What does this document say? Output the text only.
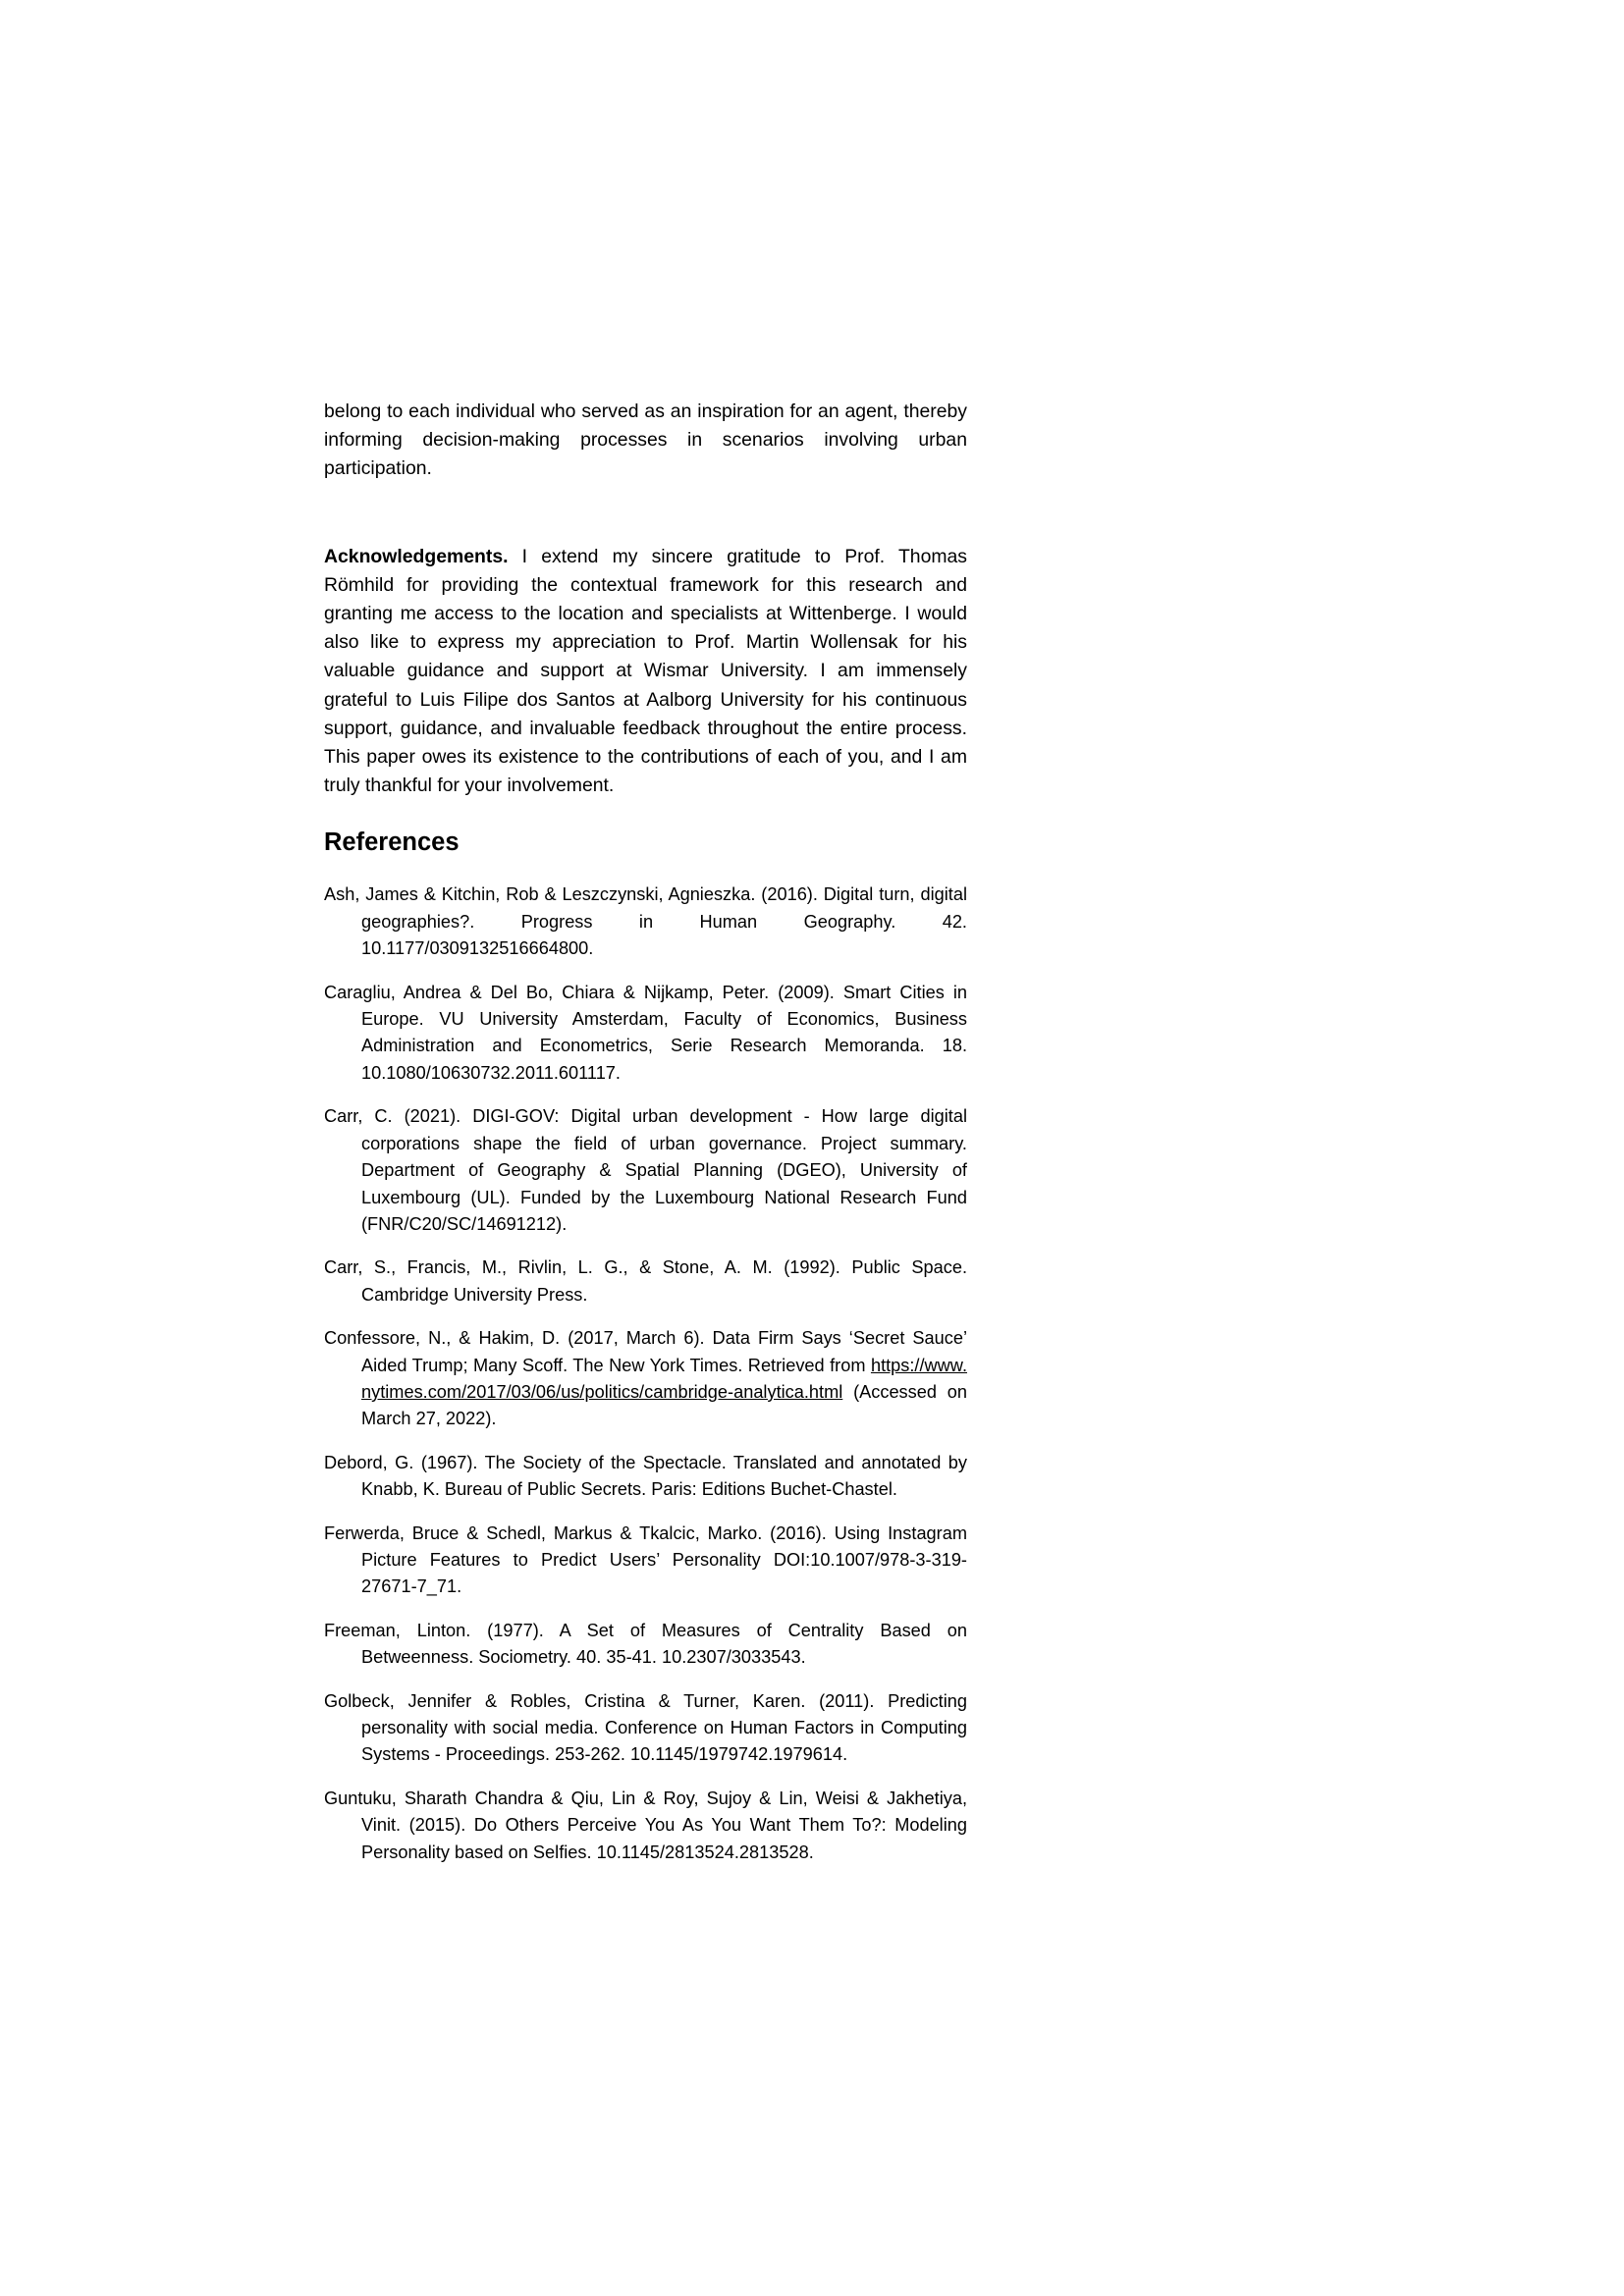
belong to each individual who served as an inspiration for an agent, thereby informing decision-making processes in scenarios involving urban participation.

Acknowledgements. I extend my sincere gratitude to Prof. Thomas Römhild for providing the contextual framework for this research and granting me access to the location and specialists at Wittenberge. I would also like to express my appreciation to Prof. Martin Wollensak for his valuable guidance and support at Wismar University. I am immensely grateful to Luis Filipe dos Santos at Aalborg University for his continuous support, guidance, and invaluable feedback throughout the entire process. This paper owes its existence to the contributions of each of you, and I am truly thankful for your involvement.

References
Ash, James & Kitchin, Rob & Leszczynski, Agnieszka. (2016). Digital turn, digital geographies?. Progress in Human Geography. 42. 10.1177/0309132516664800.
Caragliu, Andrea & Del Bo, Chiara & Nijkamp, Peter. (2009). Smart Cities in Europe. VU University Amsterdam, Faculty of Economics, Business Administration and Econometrics, Serie Research Memoranda. 18. 10.1080/10630732.2011.601117.
Carr, C. (2021). DIGI-GOV: Digital urban development - How large digital corporations shape the field of urban governance. Project summary. Department of Geography & Spatial Planning (DGEO), University of Luxembourg (UL). Funded by the Luxembourg National Research Fund (FNR/C20/SC/14691212).
Carr, S., Francis, M., Rivlin, L. G., & Stone, A. M. (1992). Public Space. Cambridge University Press.
Confessore, N., & Hakim, D. (2017, March 6). Data Firm Says ‘Secret Sauce’ Aided Trump; Many Scoff. The New York Times. Retrieved from https://www.nytimes.com/2017/03/06/us/politics/cambridge-analytica.html (Accessed on March 27, 2022).
Debord, G. (1967). The Society of the Spectacle. Translated and annotated by Knabb, K. Bureau of Public Secrets. Paris: Editions Buchet-Chastel.
Ferwerda, Bruce & Schedl, Markus & Tkalcic, Marko. (2016). Using Instagram Picture Features to Predict Users’ Personality DOI:10.1007/978-3-319-27671-7_71.
Freeman, Linton. (1977). A Set of Measures of Centrality Based on Betweenness. Sociometry. 40. 35-41. 10.2307/3033543.
Golbeck, Jennifer & Robles, Cristina & Turner, Karen. (2011). Predicting personality with social media. Conference on Human Factors in Computing Systems - Proceedings. 253-262. 10.1145/1979742.1979614.
Guntuku, Sharath Chandra & Qiu, Lin & Roy, Sujoy & Lin, Weisi & Jakhetiya, Vinit. (2015). Do Others Perceive You As You Want Them To?: Modeling Personality based on Selfies. 10.1145/2813524.2813528.
